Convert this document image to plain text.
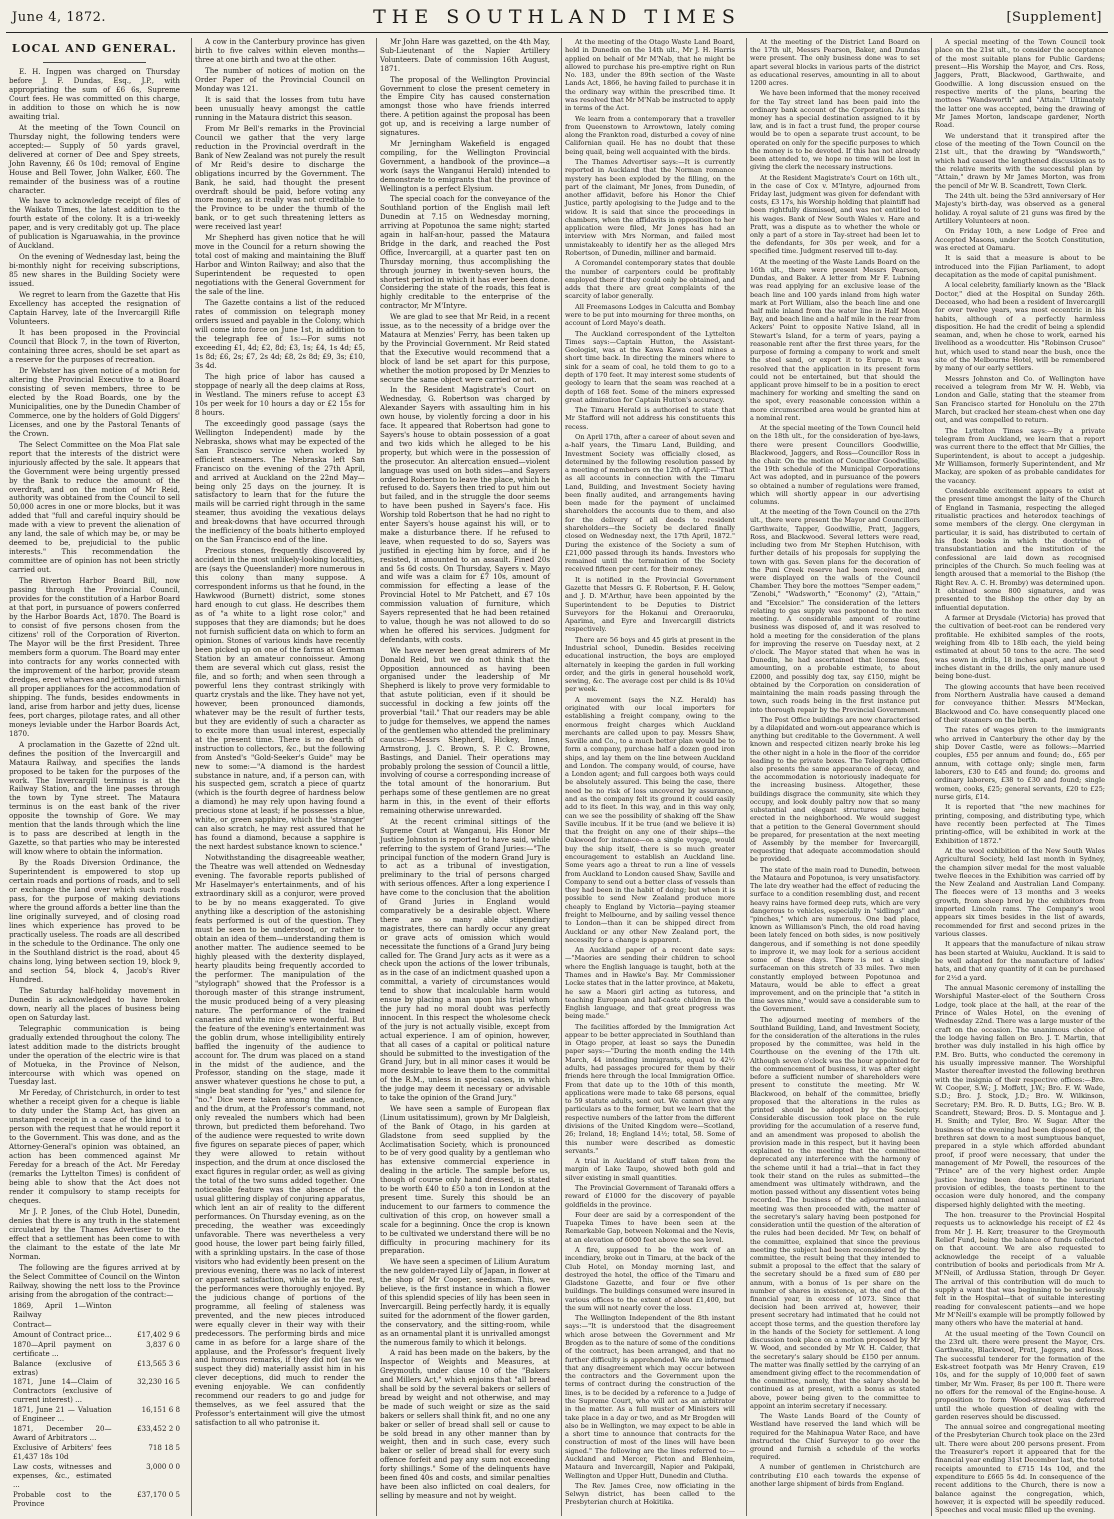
June 4, 1872.	THE SOUTHLAND TIMES	[Supplement]
LOCAL AND GENERAL.

E. H. Ingpen was charged on Thursday before J. F. Dundas, Esq., J.P., with appropriating the sum of £6 6s, Supreme Court fees. He was committed on this charge, in addition to those on which he is now awaiting trial.

At the meeting of the Town Council on Thursday night, the following tenders were accepted:— Supply of 50 yards gravel, delivered at corner of Dee and Spey streets, John Ravenny, £6 0s 10d; removal of Engine House and Bell Tower, John Walker, £60. The remainder of the business was of a routine character.

We have to acknowledge receipt of files of the Waikato Times, the latest addition to the fourth estate of the colony. It is a tri-weekly paper, and is very creditably got up. The place of publication is Ngaruawahia, in the province of Auckland.

On the evening of Wednesday last, being the bi-monthly night for receiving subscriptions, 85 new shares in the Building Society were issued.

We regret to learn from the Gazette that His Excellency has accepted the resignation of Captain Harvey, late of the Invercargill Rifle Volunteers.

It has been proposed in the Provincial Council that Block 7, in the town of Riverton, containing three acres, should be set apart as a reserve for the purposes of recreation.

Dr Webster has given notice of a motion for altering the Provincial Executive to a Board consisting of seven members, three to be elected by the Road Boards, one by the Municipalities, one by the Dunedin Chamber of Commerce, one by the holders of Gold Diggers' Licenses, and one by the Pastoral Tenants of the Crown.

The Select Committee on the Moa Flat sale report that the interests of the district were injuriously affected by the sale. It appears that the Government were being urgently pressed by the Bank to reduce the amount of the overdraft, and on the motion of Mr Reid, authority was obtained from the Council to sell 50,000 acres in one or more blocks, but it was added that "full and careful inquiry should be made with a view to prevent the alienation of any land, the sale of which may be, or may be deemed to be, prejudicial to the public interests." This recommendation the committee are of opinion has not been strictly carried out.

The Riverton Harbor Board Bill, now passing through the Provincial Council, provides for the constitution of a Harbor Board at that port, in pursuance of powers conferred by the Harbor Boards Act, 1870. The Board is to consist of five persons chosen from the citizens' roll of the Corporation of Riverton. The Mayor will be the first President. Three members form a quorum. The Board may enter into contracts for any works connected with the improvement of the harbor, provide steam dredges, erect wharves and jetties, and furnish all proper appliances for the accommodation of shipping. The funds, besides endowments in land, arise from harbor and jetty dues, license fees, port charges, pilotage rates, and all other moneys leviable under the Harbor Boards Act, 1870.

A proclamation in the Gazette of 22nd ult. defines the position of the Invercargill and Mataura Railway, and specifies the lands proposed to be taken for the purposes of the work. The Invercargill terminus is at the Railway Station, and the line passes through the town by Tyne street. The Mataura terminus is on the east bank of the river opposite the township of Gore. We may mention that the lands through which the line is to pass are described at length in the Gazette, so that parties who may be interested will know where to obtain the information.

By the Roads Diversion Ordinance, the Superintendent is empowered to stop up certain roads and portions of roads, and to sell or exchange the land over which such roads pass, for the purpose of making deviations where the ground affords a better line than the line originally surveyed, and of closing road lines which experience has proved to be practically useless. The roads are all described in the schedule to the Ordinance. The only one in the Southland district is the road, about 45 chains long, lying between section 19, block 9, and section 54, block 4, Jacob's River Hundred.

The Saturday half-holiday movement in Dunedin is acknowledged to have broken down, nearly all the places of business being open on Saturday last.

Telegraphic communication is being gradually extended throughout the colony. The latest addition made to the districts brought under the operation of the electric wire is that of Motueka, in the Province of Nelson, intercourse with which was opened on Tuesday last.

Mr Fereday, of Christchurch, in order to test whether a receipt given for a cheque is liable to duty under the Stamp Act, has given an unstamped receipt in a case of the kind to a person with the request that he would report it to the Government. This was done, and as the Attorney-General's opinion was obtained, an action has been commenced against Mr Fereday for a breach of the Act. Mr Fereday (remarks the Lyttelton Times) is confident of being able to show that the Act does not render it compulsory to stamp receipts for cheques.

Mr J. P. Jones, of the Club Hotel, Dunedin, denies that there is any truth in the statement circulated by the Thames Advertiser to the effect that a settlement has been come to with the claimant to the estate of the late Mr Norman.

The following are the figures arrived at by the Select Committee of Council on the Winton Railway, showing the nett loss to the Province arising from the abrogation of the contract:—

1869, April 1—Winton Railway	
Contract—	
Amount of Contract price...	£17,402 9 6
1870—April payment on certificate ...	3,837 6 0
Balance (exclusive of extras)	£13,565 3 6
1871, June 14—Claim of Contractors (exclusive of current interest) ...	32,230 16 5
1871, June 21 — Valuation of Engineer ...	16,151 6 8
1871, December 20—Award of Arbitrators ...	£33,452 2 0
Exclusive of Arbiters' fees £1,437 18s 10d	718 18 5
Law costs, witnesses and expenses, &c., estimated ...	3,000 0 0
Probable cost to the Province	£37,170 0 5

A cow in the Canterbury province has given birth to five calves within eleven months—three at one birth and two at the other.

The number of notices of motion on the Order Paper of the Provincial Council on Monday was 121.

It is said that the losses from tutu have been unusually heavy amongst the cattle running in the Mataura district this season.

From Mr Bell's remarks in the Provincial Council we gather that the very large reduction in the Provincial overdraft in the Bank of New Zealand was not purely the result of Mr Reid's desire to discharge the obligations incurred by the Government. The Bank, he said, had thought the present overdraft should be paid, before voting any more money, as it really was not creditable to the Province to be under the thumb of the bank, or to get such threatening letters as were received last year!

Mr Shepherd has given notice that he will move in the Council for a return showing the total cost of making and maintaining the Bluff Harbor and Winton Railway; and also that the Superintendent be requested to open negotiations with the General Government for the sale of the line.

The Gazette contains a list of the reduced rates of commission on telegraph money orders issued and payable in the Colony, which will come into force on June 1st, in addition to the telegraph fee of 1s:—For sums not exceeding £1, 4d; £2, 8d; £3, 1s; £4, 1s 4d; £5, 1s 8d; £6, 2s; £7, 2s 4d; £8, 2s 8d; £9, 3s; £10, 3s 4d.

The high price of labor has caused a stoppage of nearly all the deep claims at Ross, in Westland. The miners refuse to accept £3 10s per week for 10 hours a day or £2 15s for 8 hours.

The exceedingly good passage (says the Wellington Independent) made by the Nebraska, shows what may be expected of the San Francisco service when worked by efficient steamers. The Nebraska left San Francisco on the evening of the 27th April, and arrived at Auckland on the 22nd May—being only 25 days on the journey. It is satisfactory to learn that for the future the mails will be carried right through in the same steamer, thus avoiding the vexatious delays and break-downs that have occurred through the inefficiency of the boats hitherto employed on the San Francisco end of the line.

Precious stones, frequently discovered by accident in the most unlikely-looking localities, are (says the Queenslander) more numerous in this colony than many suppose. A correspondent informs us that he found, in the Hawkwood (Burnett) district, some stones hard enough to cut glass. He describes them as of "a white to a light rose color," and supposes that they are diamonds; but he does not furnish sufficient data on which to form an opinion. Stones of various kinds have recently been picked up on one of the farms at German Station by an amateur connoisseur. Among them are several which cut glass, resist the file, and so forth; and when seen through a powerful lens they contrast strikingly with quartz crystals and the like. They have not yet, however, been pronounced diamonds, whatever may be the result of further tests, but they are evidently of such a character as to excite more than usual interest, especially at the present time. There is no dearth of instruction to collectors, &c., but the following from Ansted's "Gold-Seeker's Guide" may be new to some:—"A diamond is the hardest substance in nature, and, if a person can, with his suspected gem, scratch a piece of quartz (which is the fourth degree of hardness below a diamond) he may rely upon having found a precious stone at least; if he possesses a blue, white, or green sapphire, which the 'stranger' can also scratch, he may rest assured that he has found a diamond, because a sapphire is the next hardest substance known to science."

Notwithstanding the disagreeable weather, the Theatre was well attended on Wednesday evening. The favorable reports published of Mr Haselmayer's entertainments, and of his extraordinary skill as a conjuror, were proved to be by no means exaggerated. To give anything like a description of the astonishing feats performed is out of the question. They must be seen to be understood, or rather to obtain an idea of them—understanding them is another matter. The audience seemed to be highly pleased with the dexterity displayed, hearty plaudits being frequently accorded to the performer. The manipulation of the "stylograph" showed that the Professor is a thorough master of this strange instrument, the music produced being of a very pleasing nature. The performance of the trained canaries and white mice were wonderful. But the feature of the evening's entertainment was the goblin drum, whose intelligibility entirely baffled the ingenuity of the audience to account for. The drum was placed on a stand in the midst of the audience, and the Professor, standing on the stage, made it answer whatever questions he chose to put, a single beat standing for "yes," and silence for "no." Dice were taken among the audience, and the drum, at the Professor's command, not only revealed the numbers which had been thrown, but predicted them beforehand. Two of the audience were requested to write down five figures on separate pieces of paper, which they were allowed to retain without inspection, and the drum at once disclosed the exact figures in regular order, as well as giving the total of the two sums added together. One noticeable feature was the absence of the usual glittering display of conjuring apparatus, which lent an air of reality to the different performances. On Thursday evening, as on the preceding, the weather was exceedingly unfavorable. There was nevertheless a very good house, the lower part being fairly filled, with a sprinkling upstairs. In the case of those visitors who had evidently been present on the previous evening, there was no lack of interest or apparent satisfaction, while as to the rest, the performances were thoroughly enjoyed. By the judicious change of portions of the programme, all feeling of staleness was prevented, and the new pieces introduced were equally clever in their way with their predecessors. The performing birds and mice came in as before for a large share of the applause, and the Professor's frequent lively and humorous remarks, if they did not (as we suspect they did) materially assist him in his clever deceptions, did much to render the evening enjoyable. We can confidently recommend our readers to go and judge for themselves, as we feel assured that the Professor's entertainment will give the utmost satisfaction to all who patronise it.

Mr John Hare was gazetted, on the 4th May, Sub-Lieutenant of the Napier Artillery Volunteers. Date of commission 16th August, 1871.

The proposal of the Wellington Provincial Government to close the present cemetery in the Empire City has caused consternation amongst those who have friends interred there. A petition against the proposal has been got up, and is receiving a large number of signatures.

Mr Jerningham Wakefield is engaged compiling, for the Wellington Provincial Government, a handbook of the province—a work (says the Wanganui Herald) intended to demonstrate to emigrants that the province of Wellington is a perfect Elysium.

The special coach for the conveyance of the Southland portion of the English mail left Dunedin at 7.15 on Wednesday morning, arriving at Popotunoa the same night; started again in half-an-hour, passed the Mataura Bridge in the dark, and reached the Post Office, Invercargill, at a quarter past ten on Thursday morning, thus accomplishing the through journey in twenty-seven hours, the shortest period in which it has ever been done. Considering the state of the roads, this feat is highly creditable to the enterprise of the contractor, Mr M'Intyre.

We are glad to see that Mr Reid, in a recent issue, as to the necessity of a bridge over the Mataura at Menzies' Ferry, has been taken up by the Provincial Government. Mr Reid stated that the Executive would recommend that a block of land be set apart for this purpose, whether the motion proposed by Dr Menzies to secure the same object were carried or not.

In the Resident Magistrate's Court on Wednesday, G. Robertson was charged by Alexander Sayers with assaulting him in his own house, by violently forcing a door in his face. It appeared that Robertson had gone to Sayers's house to obtain possession of a goat and two kids which he alleged to be his property, but which were in the possession of the prosecutor. An altercation ensued—violent language was used on both sides—and Sayers ordered Robertson to leave the place, which he refused to do. Sayers then tried to put him out but failed, and in the struggle the door seems to have been pushed in Sayers's face. His Worship told Robertson that he had no right to enter Sayers's house against his will, or to make a disturbance there. If he refused to leave, when requested to do so, Sayers was justified in ejecting him by force, and if he resisted, it amounted to an assault. Fined 20s and 5s 6d costs. On Thursday, Sayers v. Mayo and wife was a claim for £7 10s, amount of commission for effecting a lease of the Provincial Hotel to Mr Patchett, and £7 10s commission valuation of furniture, which Sayers represented that he had been retained to value, though he was not allowed to do so when he offered his services. Judgment for defendants, with costs.

We have never been great admirers of Mr Donald Reid, but we do not think that the Opposition announced as having been organised under the leadership of Mr Shepherd is likely to prove very formidable to that astute politician, even if it should be successful in docking a few joints off the proverbial "tail." That our readers may be able to judge for themselves, we append the names of the gentlemen who attended the preliminary caucus:—Messrs Shepherd, Hickey, Innes, Armstrong, J. C. Brown, S. P. C. Browne, Bastings, and Daniel. Their operations may probably prolong the session of Council a little, involving of course a corresponding increase of the total amount of the honorarium. But perhaps some of these gentlemen are no great harm in this, in the event of their efforts remaining otherwise unrewarded.

At the recent criminal sittings of the Supreme Court at Wanganui, His Honor Mr Justice Johnston is reported to have said, while referring to the system of Grand Juries:—"The principal function of the modern Grand Jury is to act as a tribunal of investigation, preliminary to the trial of persons charged with serious offences. After a long experience I have come to the conclusion that the abolition of Grand Juries in England would comparatively be a desirable object. Where there are so many able stipendiary magistrates, there can hardly occur any great or grave acts of omission which would necessitate the functions of a Grand Jury being called for. The Grand Jury acts as it were as a check upon the actions of the lower tribunals, as in the case of an indictment quashed upon a committal, a variety of circumstances would tend to show that incalculable harm would ensue by placing a man upon his trial whom the jury had no moral doubt was perfectly innocent. In this respect the wholesome check of the jury is not actually visible, except from actual experience. I am of opinion, however, that all cases of a capital or political nature should be submitted to the investigation of the Grand Jury, but in all minor cases it would be more desirable to leave them to the committal of the R.M., unless in special cases, in which the judge may deem it necessary or advisable to take the opinion of the Grand Jury."

We have seen a sample of European flax (Linum usitatissimum), grown by Mr Dalgleish, of the Bank of Otago, in his garden at Gladstone from seed supplied by the Acclimatisation Society, which is pronounced to be of very good quality by a gentleman who has extensive commercial experience in dealing in the article. The sample before us, though of course only hand dressed, is stated to be worth £40 to £50 a ton in London at the present time. Surely this should be an inducement to our farmers to commence the cultivation of this crop, on however small a scale for a beginning. Once the crop is known to be cultivated we understand there will be no difficulty in procuring machinery for its preparation.

We have seen a specimen of Lilium Auratum the new golden-rayed Lily of Japan, in flower at the shop of Mr Cooper, seedsman. This, we believe, is the first instance in which a flower of this splendid species of lily has been seen in Invercargill. Being perfectly hardy, it is equally suited for the adornment of the flower garden, the conservatory, and the sitting-room, while as an ornamental plant it is unrivalled amongst the numerous family to which it belongs.

A raid has been made on the bakers, by the Inspector of Weights and Measures, at Greymouth, under clause 10 of the "Bakers and Millers Act," which enjoins that "all bread shall be sold by the several bakers or sellers of bread by weight and not otherwise, and may be made of such weight or size as the said bakers or sellers shall think fit, and no one any baker or seller of bread shall sell or cause to be sold bread in any other manner than by weight, then and in such case, every such baker or seller of bread shall for every such offence forfeit and pay any sum not exceeding forty shillings." Some of the delinquents have been fined 40s and costs, and similar penalties have been also inflicted on coal dealers, for selling by measure and not by weight.

At the meeting of the Otago Waste Land Board, held in Dunedin on the 14th ult., Mr J. H. Harris applied on behalf of Mr M'Nab, that he might be allowed to purchase his pre-emptive right on Run No. 183, under the 89th section of the Waste Lands Act, 1866, he having failed to purchase it in the ordinary way within the prescribed time. It was resolved that Mr M'Nab be instructed to apply in terms of the Act.

We learn from a contemporary that a traveller from Queenstown to Arrowtown, lately coming along the Frankton road, disturbed a covey of nine Californian quail. He has no doubt that these being quail, being well acquainted with the birds.

The Thames Advertiser says:—It is currently reported in Auckland that the Norman romance mystery has been exploded by the filling, on the part of the claimant, Mr Jones, from Dunedin, of another affidavit, before his Honor the Chief Justice, partly apologising to the Judge and to the widow. It is said that since the proceedings in chambers, when the affidavits in opposition to her application were filed, Mr Jones has had an interview with Mrs Norman, and failed most unmistakeably to identify her as the alleged Mrs Robertson, of Dunedin, milliner and barmaid.

A Coromandel contemporary states that double the number of carpenters could be profitably employed there if they could only be obtained, and adds that there are great complaints of the scarcity of labor generally.

All Freemasons Lodges in Calcutta and Bombay were to be put into mourning for three months, on account of Lord Mayo's death.

The Auckland correspondent of the Lyttelton Times says:—Captain Hutton, the Assistant-Geologist, was at the Kawa Kawa coal mines a short time back. In directing the miners where to sink for a seam of coal, he told them to go to a depth of 170 feet. It may interest some students of geology to learn that the seam was reached at a depth of 168 feet. Some of the miners expressed great admiration for Captain Hutton's accuracy.

The Timaru Herald is authorised to state that Mr Stafford will not address his constituents this recess.

On April 17th, after a career of about seven and a-half years, the Timaru Land, Building, and Investment Society was officially closed, as determined by the following resolution passed by a meeting of members on the 12th of April:—"That as all accounts in connection with the Timaru Land, Building, and Investment Society having been finally audited, and arrangements having been made for the payment of unclaimed shareholders the accounts due to them, and also for the delivery of all deeds to resident shareholders—the Society be declared finally closed on Wednesday next, the 17th April, 1872." During the existence of the Society a sum of £21,000 passed through its hands. Investors who remained until the termination of the Society received fifteen per cent. for their money.

It is notified in the Provincial Government Gazette that Messrs G. F. Robertson, F. H. Gelow, and J. D. M'Arthur, have been appointed by the Superintendent to be Deputies to District Surveyors for the Hokanui and Oreraoruku, Aparima, and Eyre and Invercargill districts respectively.

There are 56 boys and 45 girls at present in the Industrial school, Dunedin. Besides receiving educational instruction, the boys are employed alternately in keeping the garden in full working order, and the girls in general household work, sewing, &c. The average cost per child is 8s 10¼d per week.

A movement (says the N.Z. Herald) has originated with our local importers for establishing a freight company, owing to the enormous freight charges which Auckland merchants are called upon to pay. Messrs Shaw, Saville and Co., to a much better plan would be to form a company, purchase half a dozen good iron ships, and lay them on the line between Auckland and London. The company would, of course, have a London agent; and full cargoes both ways could be absolutely assured. This being the case, there need be no risk of loss uncovered by assurance, and as the company felt its ground it could easily add to its fleet. In this way, and in this way only, can we see the possibility of shaking off the Shaw Saville incubus. If it be true (and we believe it is) that the freight on any one of their ships—the Oakwood for instance—on a single voyage, would buy the ship itself, there is so much greater encouragement to establish an Auckland line. Some years ago a threat to run a line of vessels from Auckland to London caused Shaw, Saville and Company to send out a better class of vessels than they had been in the habit of doing; but when it is possible to send New Zealand produce more cheaply to England by Victoria—paying steamer freight to Melbourne, and by sailing vessel thence to London—than it can be shipped direct from Auckland or any other New Zealand port, the necessity for a change is apparent.

An Auckland paper of a recent date says:—"Maories are sending their children to school where the English language is taught, both at the Thames and in Hawke's Bay. Mr Commissioner Locke states that in the latter province, at Maketu, he saw a Maori girl acting as tutoress, and teaching European and half-caste children in the English language, and that great progress was being made."

The facilities afforded by the Immigration Act appear to be better appreciated in Southland than in Otago proper, at least so says the Dunedin paper says:—"During the month ending the 14th March, 44 intending immigrants, equal to 42½ adults, had passages procured for them by their friends here through the local Immigration Office. From that date up to the 10th of this month, applications were made to take 68 persons, equal to 59 statute adults, sent out. We cannot give any particulars as to the former, but we learn that the respective numbers of the latter from the different divisions of the United Kingdom were—Scotland, 26; Ireland, 18; England 14½; total, 58. Some of this number were described as domestic servants."

A trial in Auckland of stuff taken from the margin of Lake Taupo, showed both gold and silver existing in small quantities.

The Provincial Government of Taranaki offers a reward of £1000 for the discovery of payable goldfields in the province.

Four deer are said by a correspondent of the Tuapeka Times to have been seen at the Remarkable Gap, between Nokomai and the Nevis, at an elevation of 6000 feet above the sea level.

A fire, supposed to be the work of an incendiary, broke out in Timaru, at the back of the Club Hotel, on Monday morning last, and destroyed the hotel, the office of the Timaru and Gladstone Gazette, and four or five other buildings. The buildings consumed were insured in various offices to the extent of about £1,400, but the sum will not nearly cover the loss.

The Wellington Independent of the 8th instant says:—"It is understood that the disagreement which arose between the Government and Mr Brogden as to the nature of some of the conditions of the contract, has been arranged, and that no further difficulty is apprehended. We are informed that any disagreement which may occur between the contractors and the Government upon the terms of contract during the construction of the lines, is to be decided by a reference to a Judge of the Supreme Court, who will act as an arbitrator in the matter. As a full muster of Ministers will take place in a day or two, and as Mr Brogden will also be in Wellington, we may expect to be able in a short time to announce that contracts for the construction of most of the lines will have been signed." The following are the lines referred to:—Auckland and Mercer, Picton and Blenheim, Mataura and Invercargill, Napier and Pakipaki, Wellington and Upper Hutt, Dunedin and Clutha.

The Rev. James Cree, now officiating in the Selwyn district, has been called to the Presbyterian church at Hokitika.

At the meeting of the District Land Board on the 17th ult, Messrs Pearson, Baker, and Dundas were present. The only business done was to set apart several blocks in various parts of the district as educational reserves, amounting in all to about 1200 acres.

We have been informed that the money received for the Tay street land has been paid into the ordinary bank account of the Corporation. As this money has a special destination assigned to it by law, and is in fact a trust fund, the proper course would be to open a separate trust account, to be operated on only for the specific purposes to which the money is to be devoted. If this has not already been attended to, we hope no time will be lost in giving the clerk the necessary instructions.

At the Resident Magistrate's Court on 16th ult., in the case of Cox v. M'Intyre, adjourned from Friday last, judgment was given for defendant with costs, £3 17s, his Worship holding that plaintiff had been rightfully dismissed, and was not entitled to his wages. Bank of New South Wales v. Hare and Pratt, was a dispute as to whether the whole or only a part of a store in Tay-street had been let to the defendants, for 30s per week, and for a specified time. Judgment reserved till to-day.

At the meeting of the Waste Lands Board on the 16th ult., there were present Messrs Pearson, Dundas, and Baker. A letter from Mr F. Lubning was read applying for an exclusive lease of the beach line and 100 yards inland from high water mark at Port William, also the beach line and one half mile inland from the water line in Half Moon Bay, and beach line and a half mile in the rear from Ackers' Point to opposite Native Island, all in Stewart's Island, for a term of years, paying a reasonable rent after the first three years, for the purpose of forming a company to work and smelt the steel sand, or export it to Europe. It was resolved that the application in its present form could not be entertained, but that should the applicant prove himself to be in a position to erect machinery for working and smelting the sand on the spot, every reasonable concession within a more circumscribed area would be granted him at a nominal rent.

At the special meeting of the Town Council held on the 18th ult., for the consideration of bye-laws, there were present Councillors Goodwillie, Blackwood, Jaggers, and Ross—Councillor Ross in the chair. On the motion of Councillor Goodwillie, the 19th schedule of the Municipal Corporations Act was adopted, and in pursuance of the powers so obtained a number of regulations were framed, which will shortly appear in our advertising columns.

At the meeting of the Town Council on the 27th ult., there were present the Mayor and Councillors Garthwaite, Tapper, Goodwillie, Pratt, Jaggers, Ross, and Blackwood. Several letters were read, including two from Mr Stephen Hutchison, with further details of his proposals for supplying the town with gas. Seven plans for the decoration of the Puni Creek reserve had been received, and were displayed on the walls of the Council Chamber. They bore the mottoes "Semper eadem," "Zenobi," "Wadsworth," "Economy" (2), "Attain," and "Excelsior." The consideration of the letters relating to gas supply was postponed to the next meeting. A considerable amount of routine business was disposed of, and it was resolved to hold a meeting for the consideration of the plans for improving the reserve on Tuesday next, at 2 o'clock. The Mayor stated that when he was in Dunedin, he had ascertained that license fees, amounting, on a probable estimate, to about £2000, and possibly dog tax, say £150, might be obtained by the Corporation on consideration of maintaining the main roads passing through the town, such roads being in the first instance put into thorough repair by the Provincial Government.

The Post Office buildings are now characterised by a dilapidated and worn-out appearance which is anything but creditable to the Government. A well known and respected citizen nearly broke his leg the other night in a hole in the floor of the corridor leading to the private boxes. The Telegraph Office also presents the same appearance of decay, and the accommodation is notoriously inadequate for the increasing business. Altogether, these buildings disgrace the community, site which they occupy, and look doubly paltry now that so many substantial and elegant structures are being erected in the neighborhood. We would suggest that a petition to the General Government should be prepared, for presentation at the next meeting of Assembly by the member for Invercargill, requesting that adequate accommodation should be provided.

The state of the main road to Dunedin, between the Mataura and Popotunoa, is very unsatisfactory. The late dry weather had the effect of reducing the surface to a condition resembling dust, and recent heavy rains have formed deep ruts, which are very dangerous to vehicles, especially in "sidlings" and "pinches," which are numerous. One bad place, known as Williamson's Pinch, the old road having been lately fenced on both sides, is now positively dangerous, and if something is not done speedily to improve it, we may look for a serious accident some of these days. There is not a single surfaceman on this stretch of 33 miles. Two men constantly employed between Popotunoa and Mataura, would be able to effect a great improvement, and on the principle that "a stitch in time saves nine," would save a considerable sum to the Government.

The adjourned meeting of members of the Southland Building, Land, and Investment Society, for the consideration of the alterations in the rules proposed by the committee, was held in the Courthouse on the evening of the 17th ult. Although seven o'clock was the hour appointed for the commencement of business, it was after eight before a sufficient number of shareholders were present to constitute the meeting. Mr W. Blackwood, on behalf of the committee, briefly proposed that the alterations in the rules as printed should be adopted by the Society. Considerable discussion took place on the rule providing for the accumulation of a reserve fund, and an amendment was proposed to abolish the provision made in this respect, but it having been explained to the meeting that the committee deprecated any interference with the harmony of the scheme until it had a trial—that in fact they took their stand on the rules as submitted—the amendment was ultimately withdrawn, and the motion passed without any dissentient votes being recorded. The business of the adjourned annual meeting was then proceeded with, the matter of the secretary's salary having been postponed for consideration until the question of the alteration of the rules had been decided. Mr Tew, on behalf of the committee, explained that since the previous meeting the subject had been reconsidered by the committee, the result being that they intended to submit a proposal to the effect that the salary of the secretary should be a fixed sum of £80 per annum, with a bonus of 1s per share on the number of shares in existence, at the end of the financial year, in excess of 1073. Since that decision had been arrived at, however, their present secretary had intimated that he could not accept those terms, and the question therefore lay in the hands of the Society for settlement. A long discussion took place on a motion proposed by Mr W. Wood, and seconded by Mr W. H. Calder, that the secretary's salary should be £150 per annum. The matter was finally settled by the carrying of an amendment giving effect to the recommendation of the committee, namely, that the salary should be continued as at present, with a bonus as stated above, power being given to the committee to appoint an interim secretary if necessary.

The Waste Lands Board of the County of Westland have reserved the land which will be required for the Mahinapua Water Race, and have instructed the Chief Surveyor to go over the ground and furnish a schedule of the works required.

A number of gentlemen in Christchurch are contributing £10 each towards the expense of another large shipment of birds from England.

A special meeting of the Town Council took place on the 21st ult., to consider the acceptance of the most suitable plans for Public Gardens; present—His Worship the Mayor, and Crs. Ross, Jaggers, Pratt, Blackwood, Garthwaite, and Goodwillie. A long discussion ensued on the respective merits of the plans, bearing the mottoes "Wandsworth" and "Attain." Ultimately the latter one was accepted, being the drawing of Mr James Morton, landscape gardener, North Road.

We understand that it transpired after the close of the meeting of the Town Council on the 21st ult., that the drawing by "Wandsworth," which had caused the lengthened discussion as to the relative merits with the successful plan by "Attain," drawn by Mr James Morton, was from the pencil of Mr W. B. Scandrett, Town Clerk.

The 24th ult. being the 53rd anniversary of Her Majesty's birth-day, was observed as a general holiday. A royal salute of 21 guns was fired by the Artillery Volunteers at noon.

On Friday 10th, a new Lodge of Free and Accepted Masons, under the Scotch Constitution, was erected at Oamaru.

It is said that a measure is about to be introduced into the Fijian Parliament, to adopt decapitation as the mode of capital punishment.

A local celebrity, familiarly known as the "Black Doctor," died at the Hospital on Sunday 26th. Deceased, who had been a resident of Invercargill for over twelve years, was most eccentric in his habits, although of a perfectly harmless disposition. He had the credit of being a splendid seaman, and, when he chose to work, earned his livelihood as a woodcutter. His "Robinson Crusoe" hut, which used to stand near the bush, once the site of the Melbourne Hotel, will be remembered by many of our early settlers.

Messrs Johnston and Co. of Wellington have received a telegram from Mr W. H. Webb, via London and Galle, stating that the steamer from San Francisco started for Honolulu on the 27th March, but cracked her steam-chest when one day out, and was compelled to return.

The Lyttelton Times says:—By a private telegram from Auckland, we learn that a report was current there to the effect that Mr Gillies, the Superintendent, is about to accept a judgeship. Mr Williamson, formerly Superintendent, and Mr Mackay, are spoken of as probable candidates for the vacancy.

Considerable excitement appears to exist at the present time amongst the laity of the Church of England in Tasmania, respecting the alleged ritualistic practices and heterodox teachings of some members of the clergy. One clergyman in particular, it is said, has distributed to certain of his flock books in which the doctrine of transubstantiation and the institution of the confessional are laid down as recognised principles of the Church. So much feeling was at length aroused that a memorial to the Bishop (the Right Rev. A. C. H. Bromby) was determined upon. It obtained some 800 signatures, and was presented to the Bishop the other day by an influential deputation.

A farmer at Drysdale (Victoria) has proved that the cultivation of beet-root can be rendered very profitable. He exhibited samples of the roots, weighing from 4lb to 18lb each, the yield being estimated at about 50 tons to the acre. The seed was sown in drills, 18 inches apart, and about 9 inches distant in the drills, the only manure used being bone-dust.

The glowing accounts that have been received from Northern Australia have caused a demand for conveyance thither. Messrs M'Meckan, Blackwood and Co. have consequently placed one of their steamers on the berth.

The rates of wages given to the immigrants who arrived in Canterbury the other day by the ship Dover Castle, were as follows:—Married couples, £55 per annum and found; do., £65 per annum, with cottage only; single men, farm laborers, £30 to £45 and found; do. grooms and ordinary laborers, £38 to £30 and found; single women, cooks, £25; general servants, £20 to £25; nurse girls, £14.

It is reported that "the new machines for printing, composing, and distributing type, which have recently been perfected at The Times printing-office, will be exhibited in work at the Exhibition of 1872."

At the wool exhibition of the New South Wales Agricultural Society, held last month in Sydney, the champion silver medal for the most valuable twelve fleeces in the Exhibition was carried off by the New Zealand and Australian Land Company. The fleeces were of 13 months and 3 weeks growth, from sheep bred by the exhibitors from imported Lincoln rams. The Company's wool appears six times besides in the list of awards, recommended for first and second prizes in the various classes.

It appears that the manufacture of nikau straw has been started at Waiuku, Auckland. It is said to be well adapted for the manufacture of ladies' hats, and that any quantity of it can be purchased for 2½d a yard.

The annual Masonic ceremony of installing the Worshipful Master-elect of the Southern Cross Lodge, took place at the hall, at the rear of the Prince of Wales Hotel, on the evening of Wednesday 22nd. There was a large muster of the craft on the occasion. The unanimous choice of the lodge having fallen on Bro. J. T. Martin, that brother was duly installed in his high office by P.M. Bro. Butts, who conducted the ceremony in his usually impressive manner. The Worshipful Master thereafter invested the following brethren with the insignia of their respective offices:—Bro. W. Cooper, S.W.; J. Moffett, J.W.; Bro. F. W. Wade, S.D.; Bro. J. Stock, J.D.; Bro. W. Wilkinson, Secretary; P.M. Bro. R. D. Butts, I.G.; Bro. W. B. Scandrett, Steward; Bros. D. S. Montague and J. H. Smith; and Tyler, Bro. W. Sugar. After the business of the evening had been disposed of, the brethren sat down to a most sumptuous banquet, prepared in a style which afforded abundant proof, if proof were necessary, that under the management of Mr Powell, the resources of the "Prince" are of the very highest order. Ample justice having been done to the luxuriant provision of edibles, the toasts pertinent to the occasion were duly honored, and the company dispersed highly delighted with the meeting.

The hon. treasurer to the Provincial Hospital requests us to acknowledge his receipt of £2 4s from Mr J. H. Kerr, treasurer to the Greymouth Relief Fund, being the balance of funds collected on that account. We are also requested to acknowledge the receipt of a valuable contribution of books and periodicals from Mr A. M'Neill, of Ardlussa Station, through Dr Geyer. The arrival of this contribution will do much to supply a want that was beginning to be seriously felt in the Hospital—that of suitable interesting reading for convalescent patients—and we hope Mr M'Neill's example will be promptly followed by many others who have the material at hand.

At the usual meeting of the Town Council on the 23rd ult. there were present the Mayor, Crs. Garthwaite, Blackwood, Pratt, Jaggers, and Ross. The successful tenderer for the formation of the Esk-street footpath was Mr Henry Craven, £19 10s, and for the supply of 10,000 feet of sawn timber, Mr Wm. Fraser, 8s per 100 ft. There were no offers for the removal of the Engine-house. A proposition to form Wood-street was deferred until the whole question of dealing with the garden reserves should be discussed.

The annual soiree and congregational meeting of the Presbyterian Church took place on the 23rd ult. There were about 200 persons present. From the Treasurer's report it appeared that for the financial year ending 31st December last, the total receipts amounted to £715 14s 10d, and the expenditure to £665 5s 4d. In consequence of the recent additions to the Church, there is now a balance against the congregation, which, however, it is expected will be speedily reduced. Speeches and vocal music filled up the evening.
